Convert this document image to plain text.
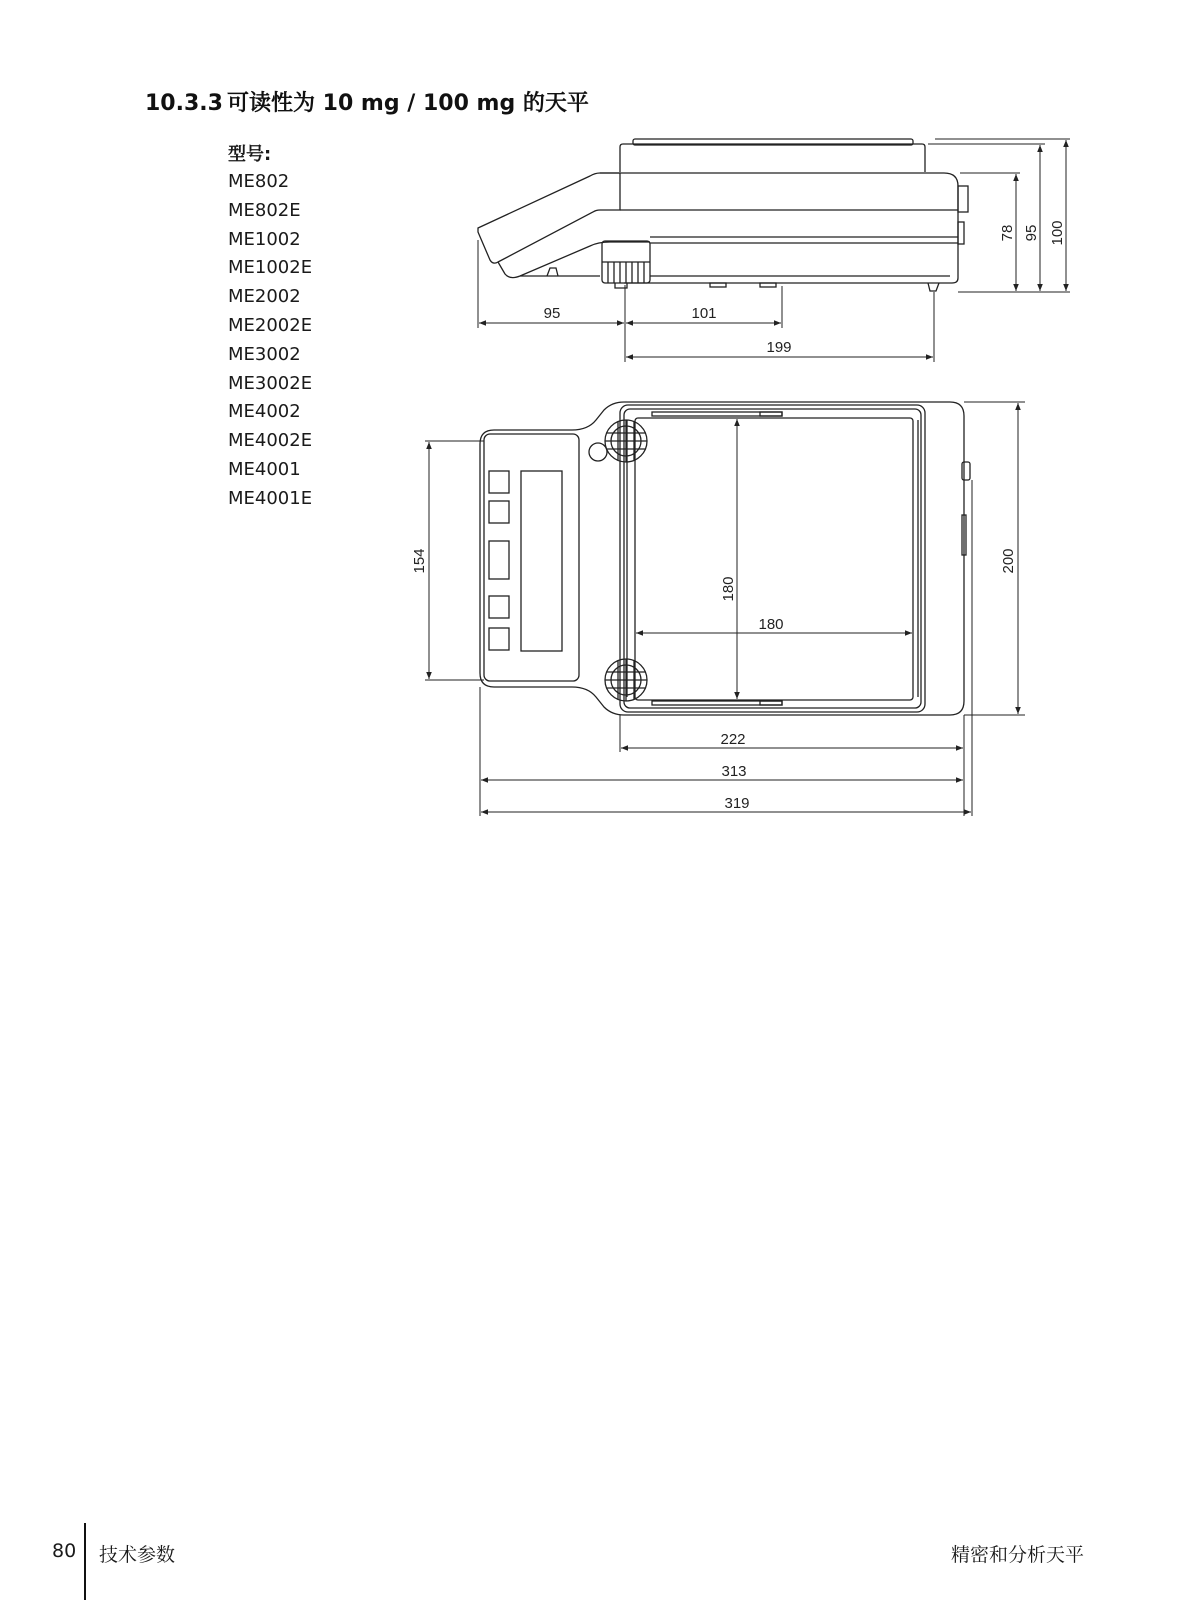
10.3.3 可读性为 10 mg / 100 mg 的天平
型号:
ME802
ME802E
ME1002
ME1002E
ME2002
ME2002E
ME3002
ME3002E
ME4002
ME4002E
ME4001
ME4001E
78 95 100
95	101
199
154
180
180
200
222
313
319
80 技术参数	精密和分析天平
